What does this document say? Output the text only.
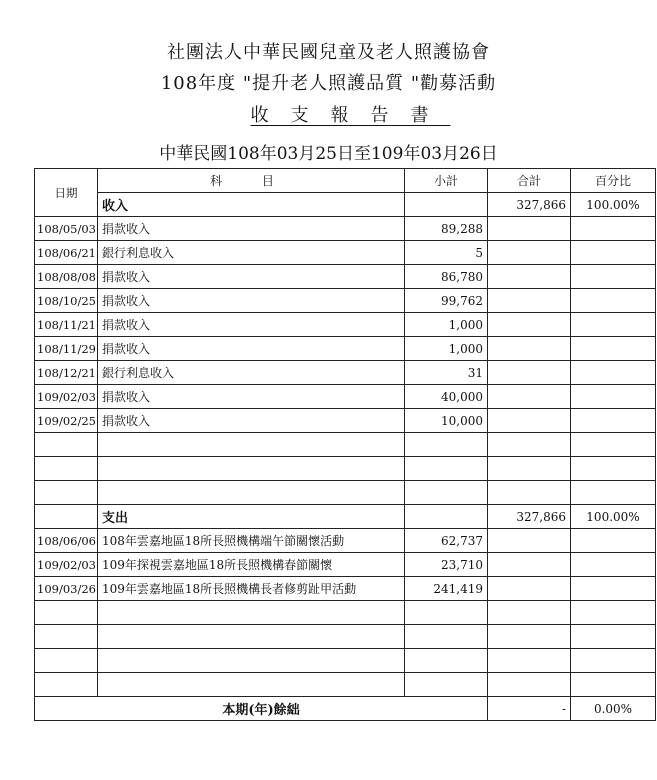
社團法人中華民國兒童及老人照護協會
108年度 "提升老人照護品質 "勸募活動
收支報告書
中華民國108年03月25日至109年03月26日
日期	科 目	小計	合計	百分比
	收入		327,866	100.00%
108/05/03	捐款收入	89,288		
108/06/21	銀行利息收入	5		
108/08/08	捐款收入	86,780		
108/10/25	捐款收入	99,762		
108/11/21	捐款收入	1,000		
108/11/29	捐款收入	1,000		
108/12/21	銀行利息收入	31		
109/02/03	捐款收入	40,000		
109/02/25	捐款收入	10,000		

	支出		327,866	100.00%
108/06/06	108年雲嘉地區18所長照機構端午節關懷活動	62,737		
109/02/03	109年探視雲嘉地區18所長照機構春節關懷	23,710		
109/03/26	109年雲嘉地區18所長照機構長者修剪趾甲活動	241,419		

本期(年)餘絀			-	0.00%
